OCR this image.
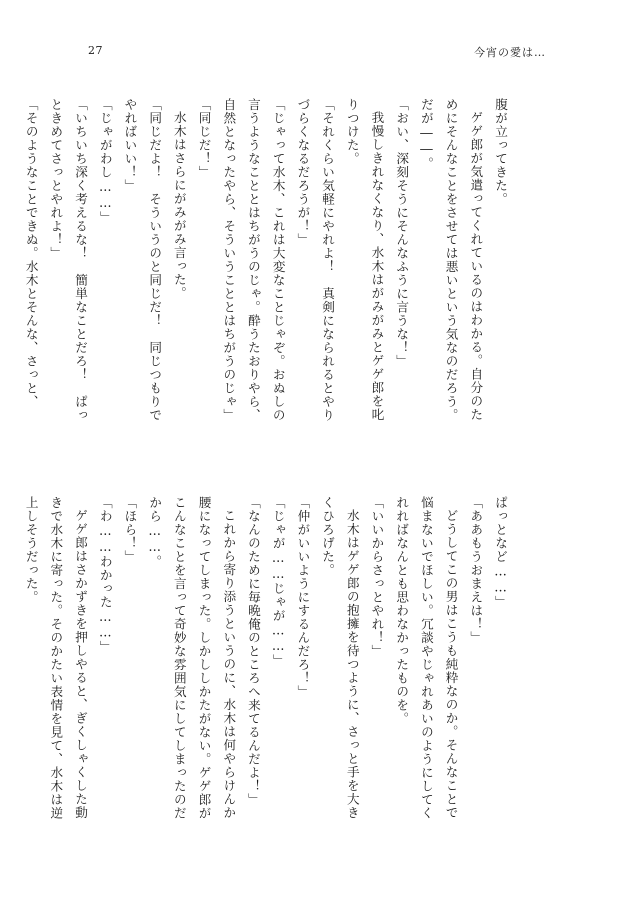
27	今宵の愛は…

腹が立ってきた。

ゲゲ郎が気遣ってくれているのはわかる。自分のた

めにそんなことをさせては悪いという気なのだろう。

だが――。

「おい、深刻そうにそんなふうに言うな！」

我慢しきれなくなり、水木はがみがみとゲゲ郎を叱

りつけた。

「それくらい気軽にやれよ！　真剣になられるとやり

づらくなるだろうが！」

「じゃって水木、これは大変なことじゃぞ。おぬしの

言うようなこととはちがうのじゃ。酔うたおりやら、

自然となったやら、そういうこととはちがうのじゃ」

「同じだ！」

水木はさらにがみがみ言った。

「同じだよ！　そういうのと同じだ！　同じつもりで

やればいい！」

「じゃがわし……」

「いちいち深く考えるな！　簡単なことだろ！　ぱっ

ときめてさっとやれよ！」

「そのようなことできぬ。水木とそんな、さっと、

ぱっとなど……」

「ああもうおまえは！」

どうしてこの男はこうも純粋なのか。そんなことで

悩まないでほしい。冗談やじゃれあいのようにしてく

れればなんとも思わなかったものを。

「いいからさっとやれ！」

水木はゲゲ郎の抱擁を待つように、さっと手を大き

くひろげた。

「仲がいいようにするんだろ！」

「じゃが……じゃが……」

「なんのために毎晩俺のところへ来てるんだよ！」

これから寄り添うというのに、水木は何やらけんか

腰になってしまった。しかししかたがない。ゲゲ郎が

こんなことを言って奇妙な雰囲気にしてしまったのだ

から……。

「ほら！」

「わ……わかった……」

ゲゲ郎はさかずきを押しやると、ぎくしゃくした動

きで水木に寄った。そのかたい表情を見て、水木は逆

上しそうだった。
